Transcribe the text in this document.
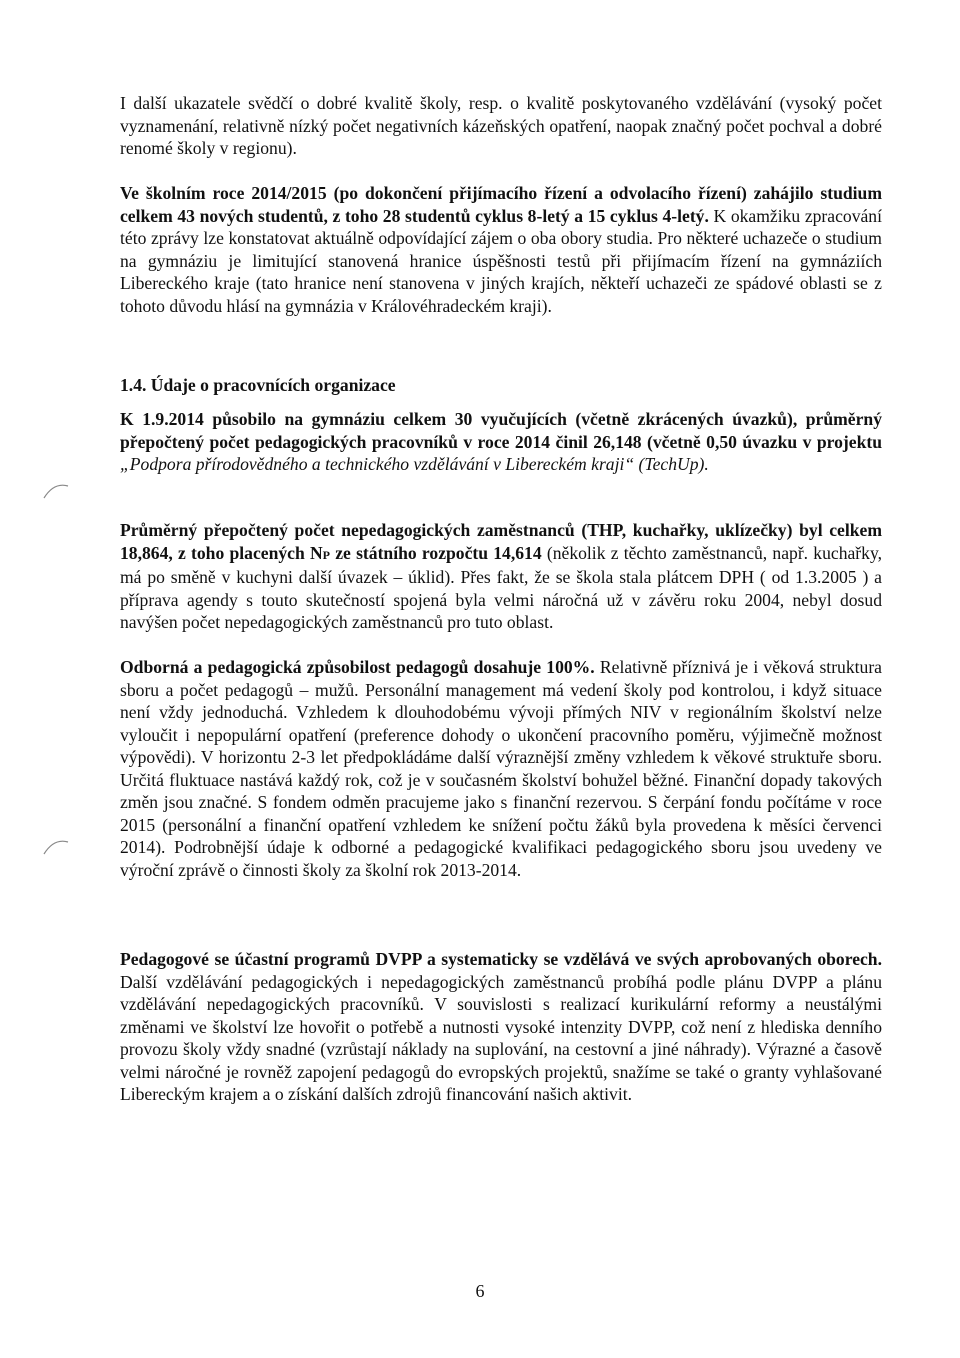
I další ukazatele svědčí o dobré kvalitě školy, resp. o kvalitě poskytovaného vzdělávání (vysoký počet vyznamenání, relativně nízký počet negativních kázeňských opatření, naopak značný počet pochval a dobré renomé školy v regionu).
Ve školním roce 2014/2015 (po dokončení přijímacího řízení a odvolacího řízení) zahájilo studium celkem 43 nových studentů, z toho 28 studentů cyklus 8-letý a 15 cyklus 4-letý. K okamžiku zpracování této zprávy lze konstatovat aktuálně odpovídající zájem o oba obory studia. Pro některé uchazeče o studium na gymnáziu je limitující stanovená hranice úspěšnosti testů při přijímacím řízení na gymnáziích Libereckého kraje (tato hranice není stanovena v jiných krajích, někteří uchazeči ze spádové oblasti se z tohoto důvodu hlásí na gymnázia v Královéhradeckém kraji).
1.4. Údaje o pracovnících organizace
K 1.9.2014 působilo na gymnáziu celkem 30 vyučujících (včetně zkrácených úvazků), průměrný přepočtený počet pedagogických pracovníků v roce 2014 činil 26,148 (včetně 0,50 úvazku v projektu „Podpora přírodovědného a technického vzdělávání v Libereckém kraji“ (TechUp).
Průměrný přepočtený počet nepedagogických zaměstnanců (THP, kuchařky, uklízečky) byl celkem 18,864, z toho placených NP ze státního rozpočtu 14,614 (několik z těchto zaměstnanců, např. kuchařky, má po směně v kuchyni další úvazek – úklid). Přes fakt, že se škola stala plátcem DPH ( od 1.3.2005 ) a příprava agendy s touto skutečností spojená byla velmi náročná už v závěru roku 2004, nebyl dosud navýšen počet nepedagogických zaměstnanců pro tuto oblast.
Odborná a pedagogická způsobilost pedagogů dosahuje 100%. Relativně příznivá je i věková struktura sboru a počet pedagogů – mužů. Personální management má vedení školy pod kontrolou, i když situace není vždy jednoduchá. Vzhledem k dlouhodobému vývoji přímých NIV v regionálním školství nelze vyloučit i nepopulární opatření (preference dohody o ukončení pracovního poměru, výjimečně možnost výpovědi). V horizontu 2-3 let předpokládáme další výraznější změny vzhledem k věkové struktuře sboru. Určitá fluktuace nastává každý rok, což je v současném školství bohužel běžné. Finanční dopady takových změn jsou značné. S fondem odměn pracujeme jako s finanční rezervou. S čerpání fondu počítáme v roce 2015 (personální a finanční opatření vzhledem ke snížení počtu žáků byla provedena k měsíci červenci 2014). Podrobnější údaje k odborné a pedagogické kvalifikaci pedagogického sboru jsou uvedeny ve výroční zprávě o činnosti školy za školní rok 2013-2014.
Pedagogové se účastní programů DVPP a systematicky se vzdělává ve svých aprobovaných oborech. Další vzdělávání pedagogických i nepedagogických zaměstnanců probíhá podle plánu DVPP a plánu vzdělávání nepedagogických pracovníků. V souvislosti s realizací kurikulární reformy a neustálými změnami ve školství lze hovořit o potřebě a nutnosti vysoké intenzity DVPP, což není z hlediska denního provozu školy vždy snadné (vzrůstají náklady na suplování, na cestovní a jiné náhrady). Výrazné a časově velmi náročné je rovněž zapojení pedagogů do evropských projektů, snažíme se také o granty vyhlašované Libereckým krajem a o získání dalších zdrojů financování našich aktivit.
6
